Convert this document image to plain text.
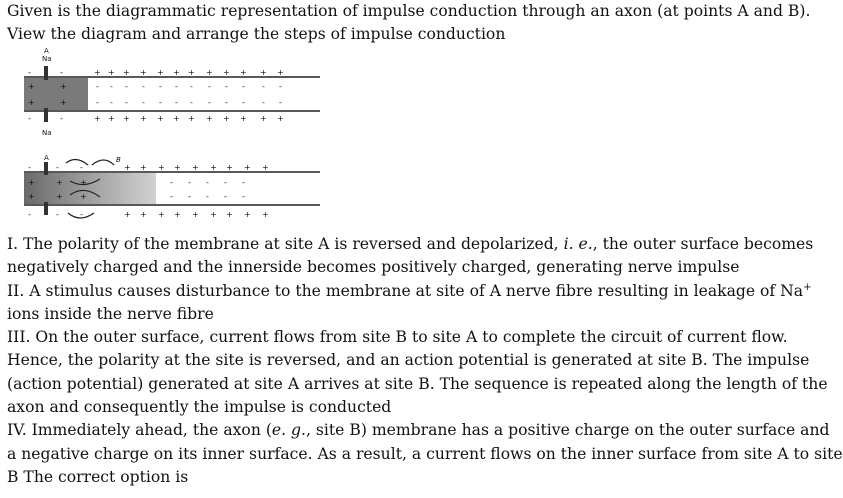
Given is the diagrammatic representation of impulse conduction through an axon (at points A and B).
View the diagram and arrange the steps of impulse conduction
A
Na
Na
+
+
-
-
+
+
-
-
+
+
-
-
+
+
-
-
+
+
-
-
+
+
-
-
+
+
-
-
+
+
-
-
+
+
-
-
+
+
-
-
+
+
-
-
+
+
-
-
-
-
+
+
-
-
+
+
A	B
+
+
+
+
+
+
+
+
+
+
+
+
+
+
+
+
+
+
-
-
-
-
-
-
-
-
-
-
-
-
+
+
-
-
+
+
-
-
+
+
I. The polarity of the membrane at site A is reversed and depolarized, i. e., the outer surface becomes
negatively charged and the innerside becomes positively charged, generating nerve impulse
II. A stimulus causes disturbance to the membrane at site of A nerve fibre resulting in leakage of Na+
ions inside the nerve fibre
III. On the outer surface, current flows from site B to site A to complete the circuit of current flow.
Hence, the polarity at the site is reversed, and an action potential is generated at site B. The impulse
(action potential) generated at site A arrives at site B. The sequence is repeated along the length of the
axon and consequently the impulse is conducted
IV. Immediately ahead, the axon (e. g., site B) membrane has a positive charge on the outer surface and
a negative charge on its inner surface. As a result, a current flows on the inner surface from site A to site
B The correct option is
